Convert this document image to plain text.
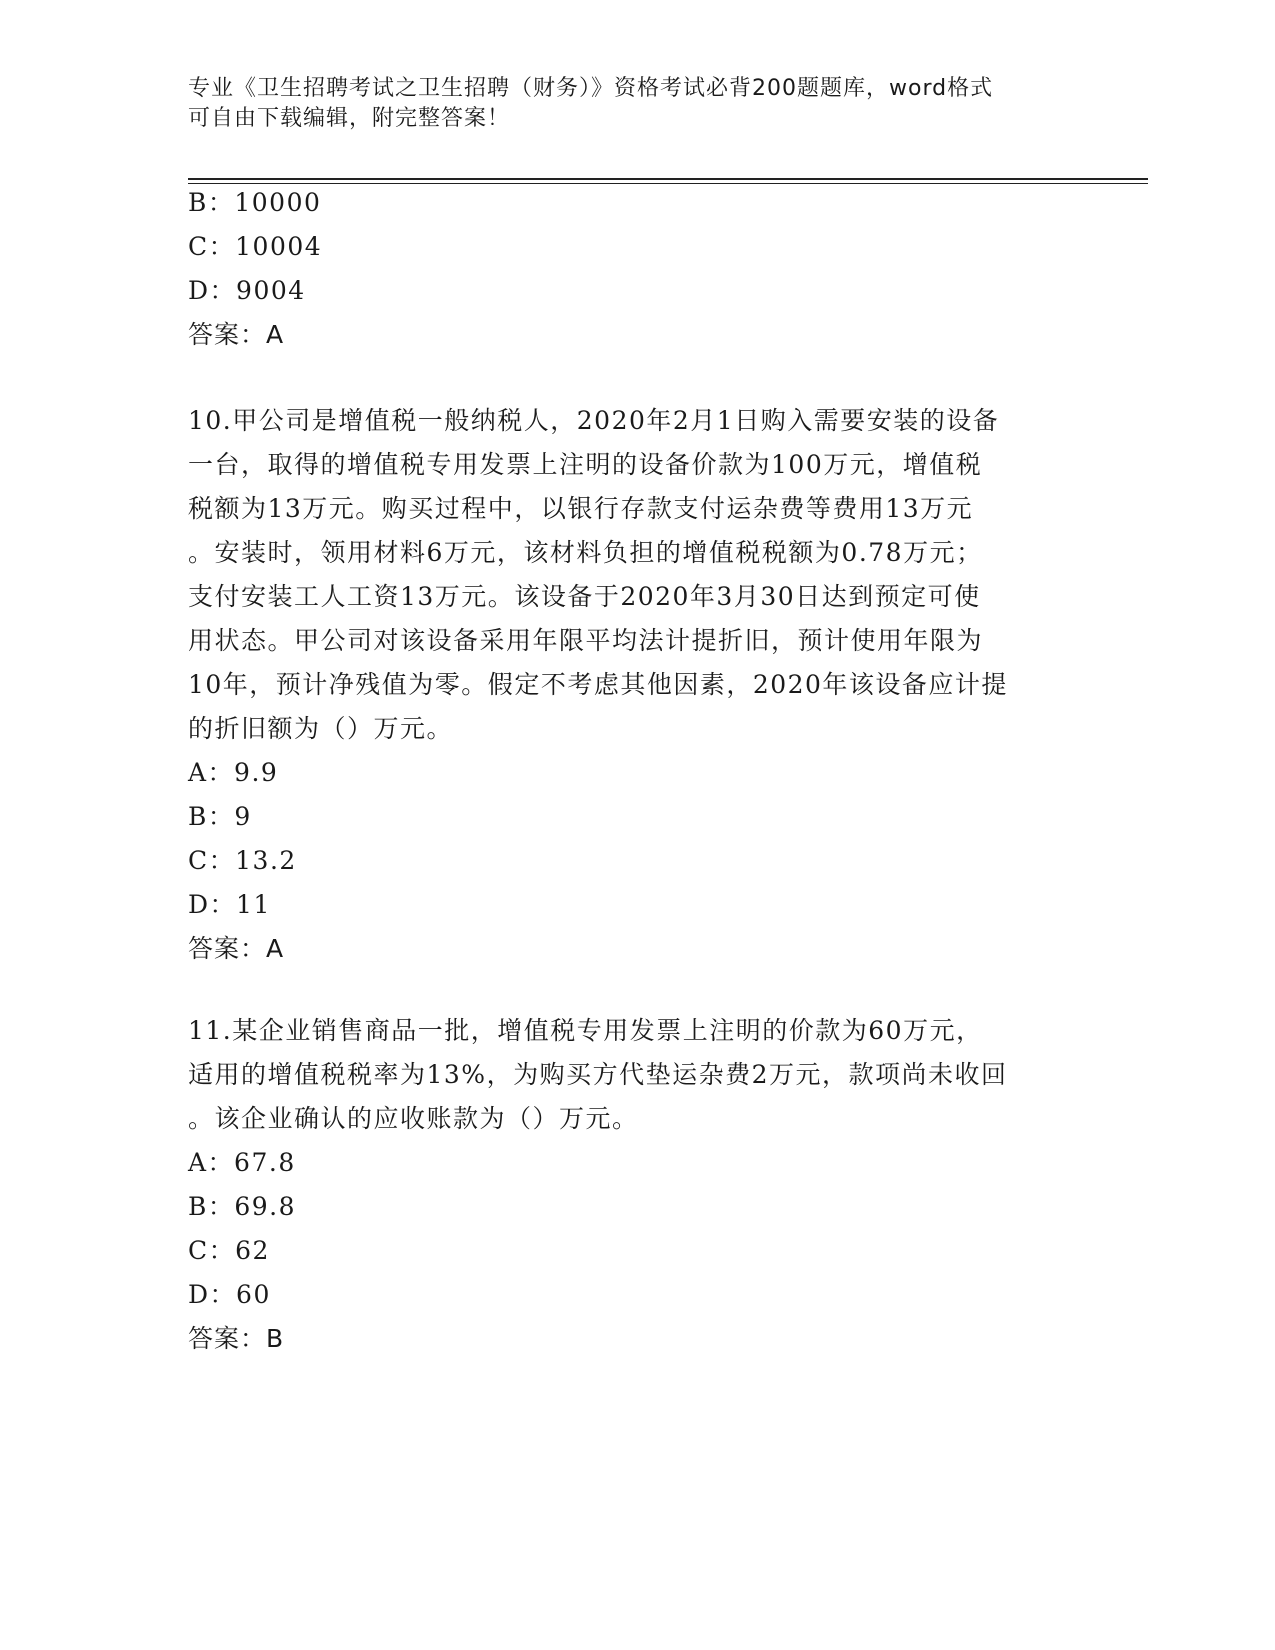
专业《卫生招聘考试之卫生招聘（财务）》资格考试必背200题题库，word格式
可自由下载编辑，附完整答案！
B：10000
C：10004
D：9004
答案：A
10.甲公司是增值税一般纳税人，2020年2月1日购入需要安装的设备
一台，取得的增值税专用发票上注明的设备价款为100万元，增值税
税额为13万元。购买过程中，以银行存款支付运杂费等费用13万元
。安装时，领用材料6万元，该材料负担的增值税税额为0.78万元；
支付安装工人工资13万元。该设备于2020年3月30日达到预定可使
用状态。甲公司对该设备采用年限平均法计提折旧，预计使用年限为
10年，预计净残值为零。假定不考虑其他因素，2020年该设备应计提
的折旧额为（）万元。
A：9.9
B：9
C：13.2
D：11
答案：A
11.某企业销售商品一批，增值税专用发票上注明的价款为60万元，
适用的增值税税率为13%，为购买方代垫运杂费2万元，款项尚未收回
。该企业确认的应收账款为（）万元。
A：67.8
B：69.8
C：62
D：60
答案：B
